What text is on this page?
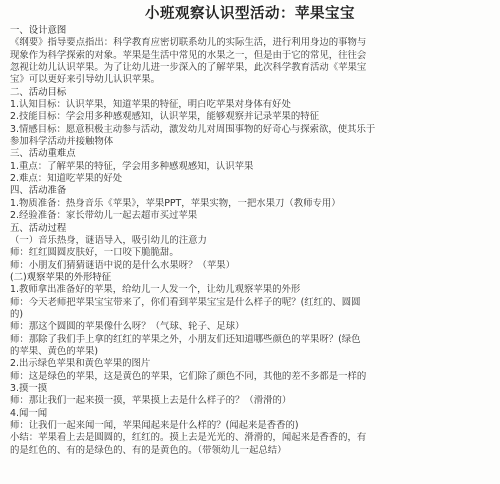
小班观察认识型活动：苹果宝宝
一、设计意图
《纲要》指导要点指出：科学教育应密切联系幼儿的实际生活，进行利用身边的事物与
现象作为科学探索的对象。苹果是生活中常见的水果之一，但是由于它的常见，往往会
忽视让幼儿认识苹果。为了让幼儿进一步深入的了解苹果，此次科学教育活动《苹果宝
宝》可以更好来引导幼儿认识苹果。
二、活动目标
1.认知目标：认识苹果，知道苹果的特征，明白吃苹果对身体有好处
2.技能目标：学会用多种感观感知，认识苹果，能够观察并记录苹果的特征
3.情感目标：愿意积极主动参与活动，激发幼儿对周围事物的好奇心与探索欲，使其乐于
参加科学活动并接触物体
三、活动重难点
1.重点：了解苹果的特征，学会用多种感观感知，认识苹果
2.难点：知道吃苹果的好处
四、活动准备
1.物质准备：热身音乐《苹果》，苹果PPT，苹果实物，一把水果刀（教师专用）
2.经验准备：家长带幼儿一起去超市买过苹果
五、活动过程
（一）音乐热身，谜语导入，吸引幼儿的注意力
师：红红圆圆皮肤好，一口咬下脆脆甜。
师：小朋友们猜猜谜语中说的是什么水果呀？（苹果）
(二)观察苹果的外形特征
1.教师拿出准备好的苹果，给幼儿一人发一个，让幼儿观察苹果的外形
师：今天老师把苹果宝宝带来了，你们看到苹果宝宝是什么样子的呢？(红红的、圆圆
的)
师：那这个圆圆的苹果像什么呀？（气球、轮子、足球）
师：那除了我们手上拿的红红的苹果之外，小朋友们还知道哪些颜色的苹果呀？(绿色
的苹果、黄色的苹果)
2.出示绿色苹果和黄色苹果的图片
师：这是绿色的苹果，这是黄色的苹果，它们除了颜色不同，其他的差不多都是一样的
3.摸一摸
师：那让我们一起来摸一摸，苹果摸上去是什么样子的？（滑滑的）
4.闻一闻
师：让我们一起来闻一闻，苹果闻起来是什么样的？(闻起来是香香的)
小结：苹果看上去是圆圆的，红红的。摸上去是光光的、滑滑的，闻起来是香香的，有
的是红色的、有的是绿色的、有的是黄色的。（带领幼儿一起总结）
